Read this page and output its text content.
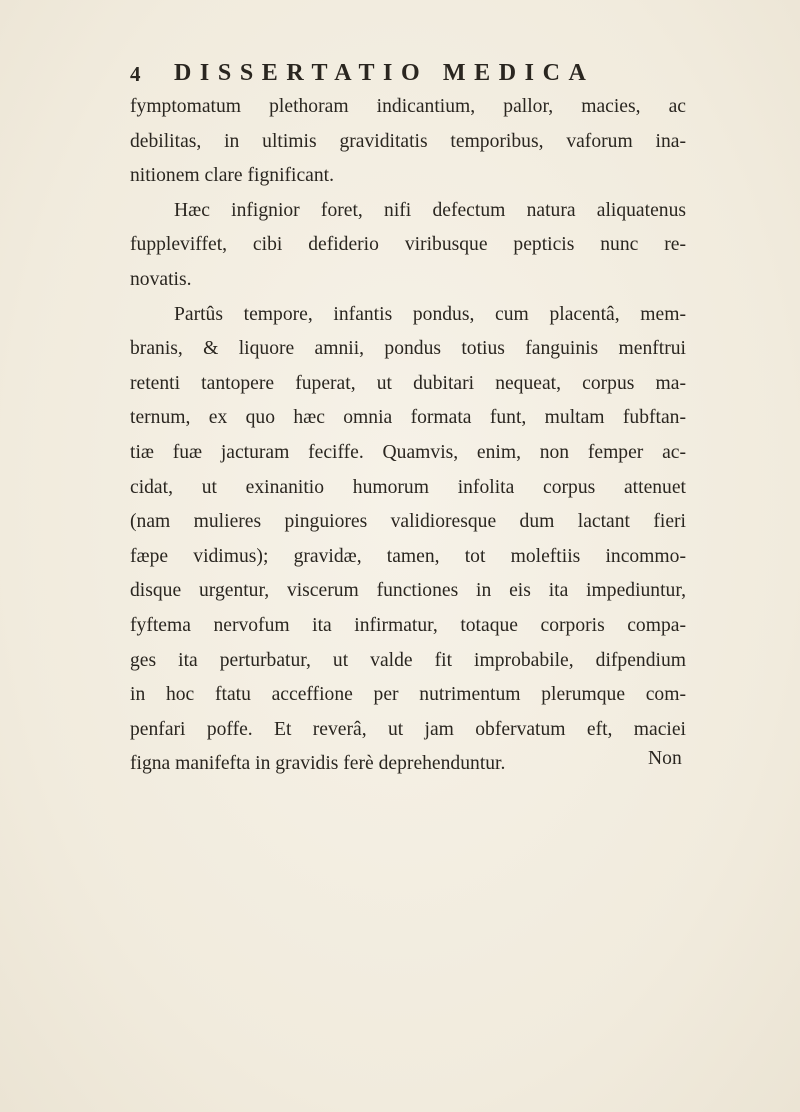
4 DISSERTATIO MEDICA
fymptomatum plethoram indicantium, pallor, macies, ac
debilitas, in ultimis graviditatis temporibus, vaforum ina-
nitionem clare fignificant.
Hæc infignior foret, nifi defectum natura aliquatenus
fuppleviffet, cibi defiderio viribusque pepticis nunc re-
novatis.
Partûs tempore, infantis pondus, cum placentâ, mem-
branis, & liquore amnii, pondus totius fanguinis menftrui
retenti tantopere fuperat, ut dubitari nequeat, corpus ma-
ternum, ex quo hæc omnia formata funt, multam fubftan-
tiæ fuæ jacturam feciffe. Quamvis, enim, non femper ac-
cidat, ut exinanitio humorum infolita corpus attenuet
(nam mulieres pinguiores validioresque dum lactant fieri
fæpe vidimus); gravidæ, tamen, tot moleftiis incommo-
disque urgentur, viscerum functiones in eis ita impediuntur,
fyftema nervofum ita infirmatur, totaque corporis compa-
ges ita perturbatur, ut valde fit improbabile, difpendium
in hoc ftatu acceffione per nutrimentum plerumque com-
penfari poffe. Et reverâ, ut jam obfervatum eft, maciei
figna manifefta in gravidis ferè deprehenduntur.	Non
